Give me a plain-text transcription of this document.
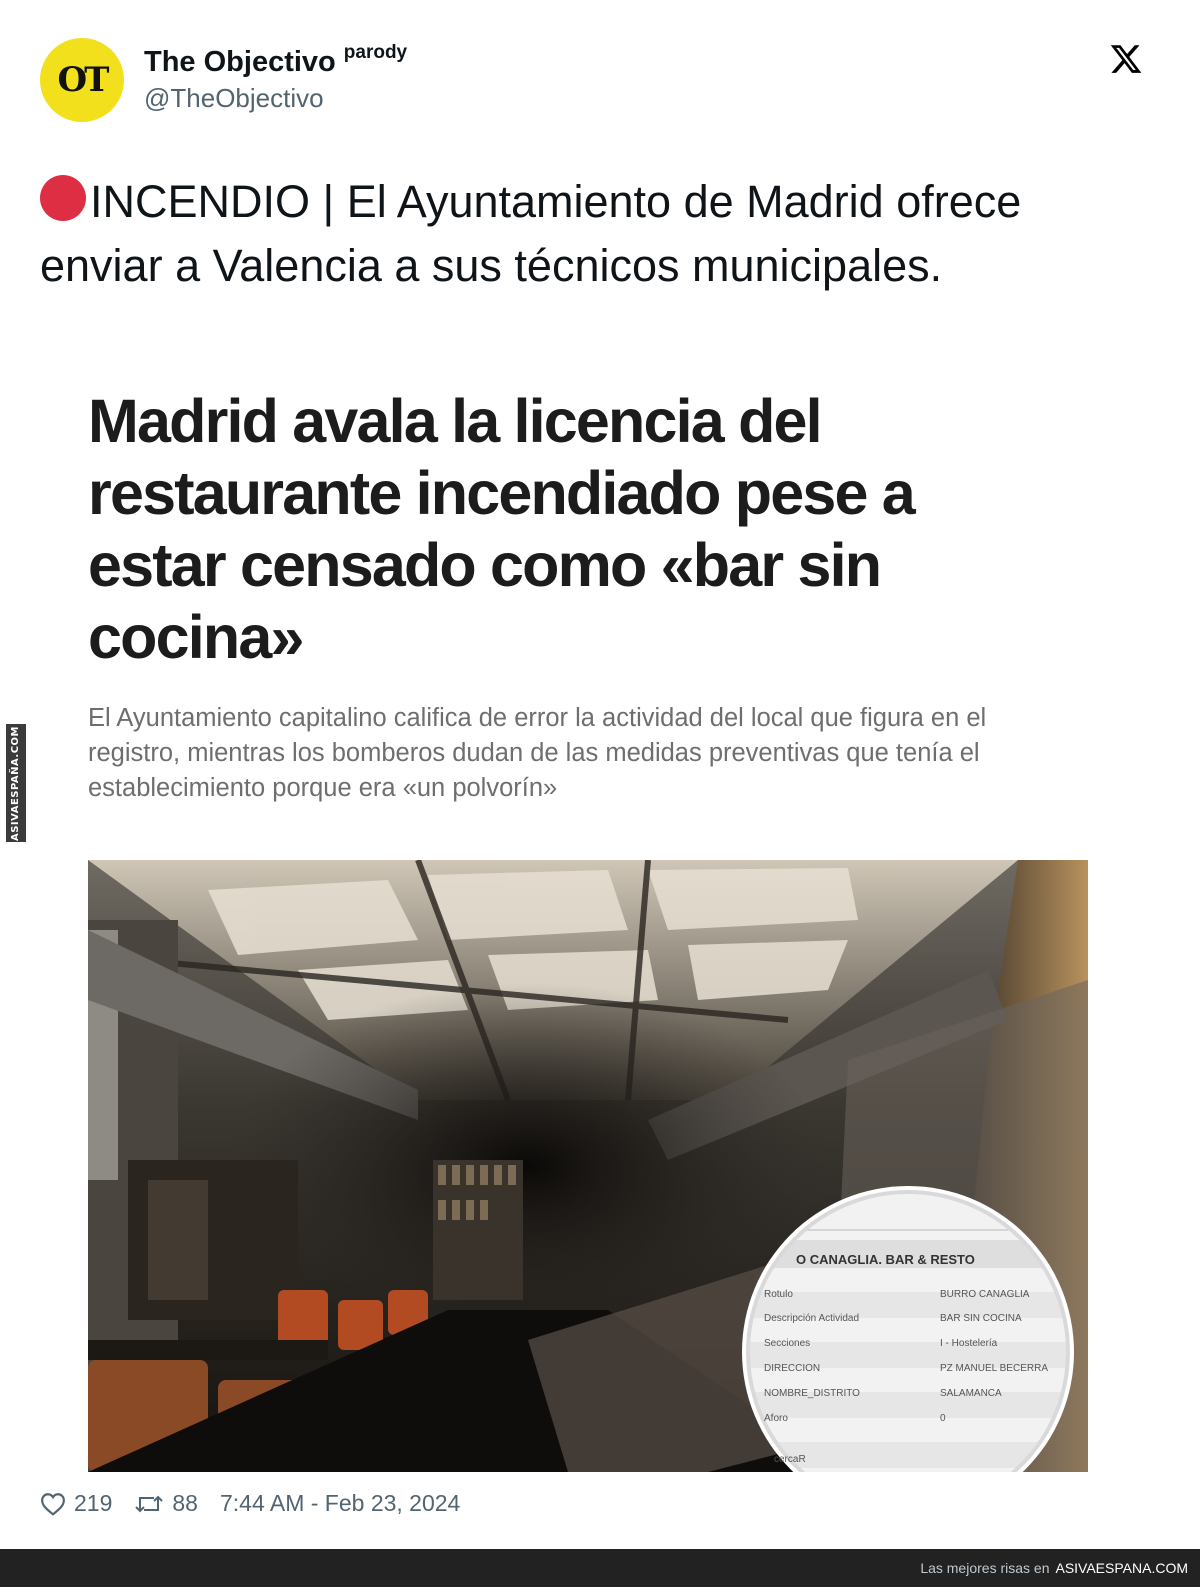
ASIVAESPAÑA.COM
OT The Objectivo parody
@TheObjectivo
INCENDIO | El Ayuntamiento de Madrid ofrece enviar a Valencia a sus técnicos municipales.
Madrid avala la licencia del restaurante incendiado pese a estar censado como «bar sin cocina»
El Ayuntamiento capitalino califica de error la actividad del local que figura en el registro, mientras los bomberos dudan de las medidas preventivas que tenía el establecimiento porque era «un polvorín»
O CANAGLIA. BAR & RESTO
Rotulo	BURRO CANAGLIA
Descripción Actividad	BAR SIN COCINA
Secciones	I - Hostelería
DIRECCION	PZ MANUEL BECERRA
NOMBRE_DISTRITO	SALAMANCA
Aforo	0
cercaR
219	88 7:44 AM - Feb 23, 2024
Las mejores risas en ASIVAESPANA.COM
